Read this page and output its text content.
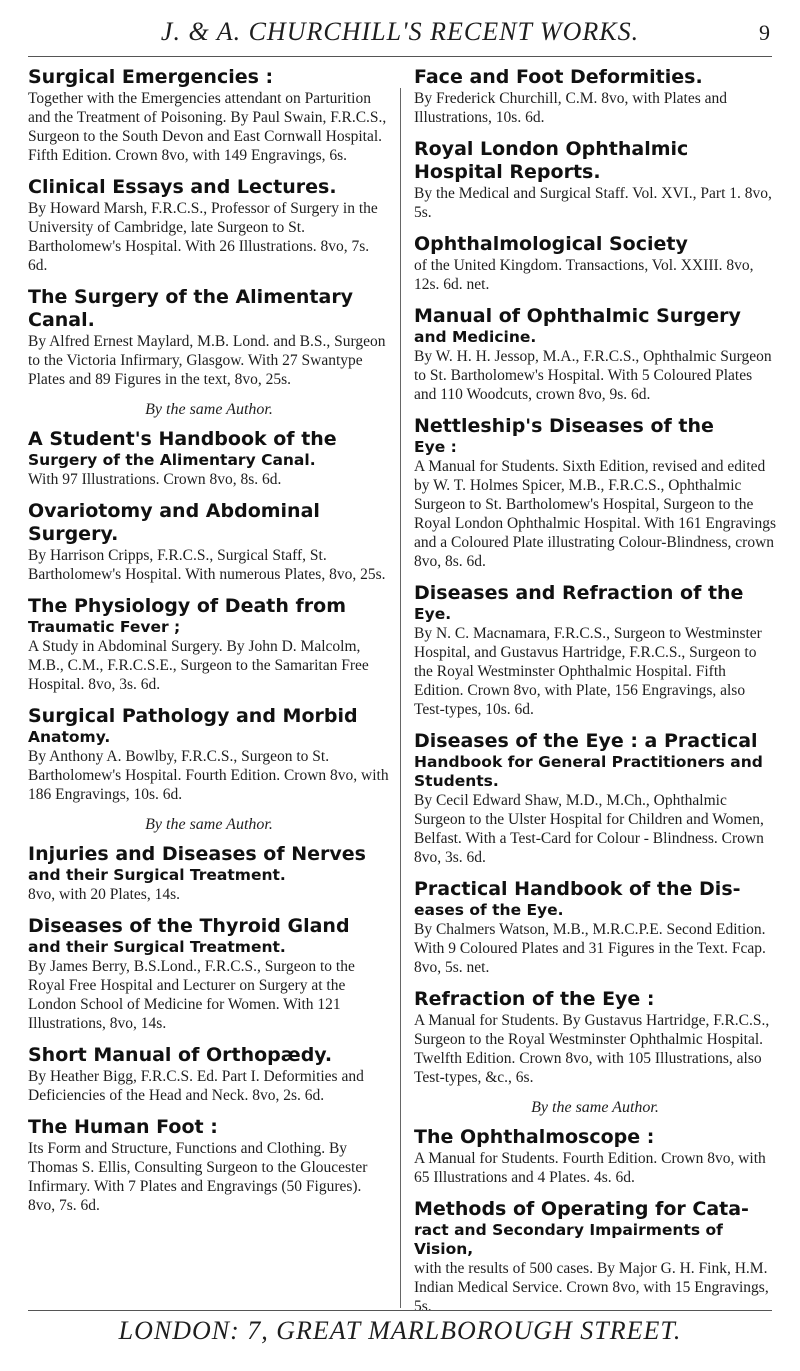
J. & A. CHURCHILL'S RECENT WORKS.	9
Surgical Emergencies :

Together with the Emergencies attendant on Parturition and the Treatment of Poisoning. By Paul Swain, F.R.C.S., Surgeon to the South Devon and East Cornwall Hospital. Fifth Edition. Crown 8vo, with 149 Engravings, 6s.

Clinical Essays and Lectures.

By Howard Marsh, F.R.C.S., Professor of Surgery in the University of Cambridge, late Surgeon to St. Bartholomew's Hospital. With 26 Illustrations. 8vo, 7s. 6d.

The Surgery of the Alimentary Canal.

By Alfred Ernest Maylard, M.B. Lond. and B.S., Surgeon to the Victoria Infirmary, Glasgow. With 27 Swantype Plates and 89 Figures in the text, 8vo, 25s.

By the same Author.
A Student's Handbook of the
Surgery of the Alimentary Canal.

With 97 Illustrations. Crown 8vo, 8s. 6d.

Ovariotomy and Abdominal Surgery.

By Harrison Cripps, F.R.C.S., Surgical Staff, St. Bartholomew's Hospital. With numerous Plates, 8vo, 25s.

The Physiology of Death from
Traumatic Fever ;

A Study in Abdominal Surgery. By John D. Malcolm, M.B., C.M., F.R.C.S.E., Surgeon to the Samaritan Free Hospital. 8vo, 3s. 6d.

Surgical Pathology and Morbid
Anatomy.

By Anthony A. Bowlby, F.R.C.S., Surgeon to St. Bartholomew's Hospital. Fourth Edition. Crown 8vo, with 186 Engravings, 10s. 6d.

By the same Author.
Injuries and Diseases of Nerves
and their Surgical Treatment.

8vo, with 20 Plates, 14s.

Diseases of the Thyroid Gland
and their Surgical Treatment.

By James Berry, B.S.Lond., F.R.C.S., Surgeon to the Royal Free Hospital and Lecturer on Surgery at the London School of Medicine for Women. With 121 Illustrations, 8vo, 14s.

Short Manual of Orthopædy.

By Heather Bigg, F.R.C.S. Ed. Part I. Deformities and Deficiencies of the Head and Neck. 8vo, 2s. 6d.

The Human Foot :

Its Form and Structure, Functions and Clothing. By Thomas S. Ellis, Consulting Surgeon to the Gloucester Infirmary. With 7 Plates and Engravings (50 Figures). 8vo, 7s. 6d.

Face and Foot Deformities.

By Frederick Churchill, C.M. 8vo, with Plates and Illustrations, 10s. 6d.

Royal London Ophthalmic Hospital Reports.

By the Medical and Surgical Staff. Vol. XVI., Part 1. 8vo, 5s.

Ophthalmological Society

of the United Kingdom. Transactions, Vol. XXIII. 8vo, 12s. 6d. net.

Manual of Ophthalmic Surgery
and Medicine.

By W. H. H. Jessop, M.A., F.R.C.S., Ophthalmic Surgeon to St. Bartholomew's Hospital. With 5 Coloured Plates and 110 Woodcuts, crown 8vo, 9s. 6d.

Nettleship's Diseases of the
Eye :

A Manual for Students. Sixth Edition, revised and edited by W. T. Holmes Spicer, M.B., F.R.C.S., Ophthalmic Surgeon to St. Bartholomew's Hospital, Surgeon to the Royal London Ophthalmic Hospital. With 161 Engravings and a Coloured Plate illustrating Colour-Blindness, crown 8vo, 8s. 6d.

Diseases and Refraction of the
Eye.

By N. C. Macnamara, F.R.C.S., Surgeon to Westminster Hospital, and Gustavus Hartridge, F.R.C.S., Surgeon to the Royal Westminster Ophthalmic Hospital. Fifth Edition. Crown 8vo, with Plate, 156 Engravings, also Test-types, 10s. 6d.

Diseases of the Eye : a Practical
Handbook for General Practitioners and Students.

By Cecil Edward Shaw, M.D., M.Ch., Ophthalmic Surgeon to the Ulster Hospital for Children and Women, Belfast. With a Test-Card for Colour - Blindness. Crown 8vo, 3s. 6d.

Practical Handbook of the Dis-
eases of the Eye.

By Chalmers Watson, M.B., M.R.C.P.E. Second Edition. With 9 Coloured Plates and 31 Figures in the Text. Fcap. 8vo, 5s. net.

Refraction of the Eye :

A Manual for Students. By Gustavus Hartridge, F.R.C.S., Surgeon to the Royal Westminster Ophthalmic Hospital. Twelfth Edition. Crown 8vo, with 105 Illustrations, also Test-types, &c., 6s.

By the same Author.
The Ophthalmoscope :

A Manual for Students. Fourth Edition. Crown 8vo, with 65 Illustrations and 4 Plates. 4s. 6d.

Methods of Operating for Cata-
ract and Secondary Impairments of Vision,

with the results of 500 cases. By Major G. H. Fink, H.M. Indian Medical Service. Crown 8vo, with 15 Engravings, 5s.

LONDON: 7, GREAT MARLBOROUGH STREET.
